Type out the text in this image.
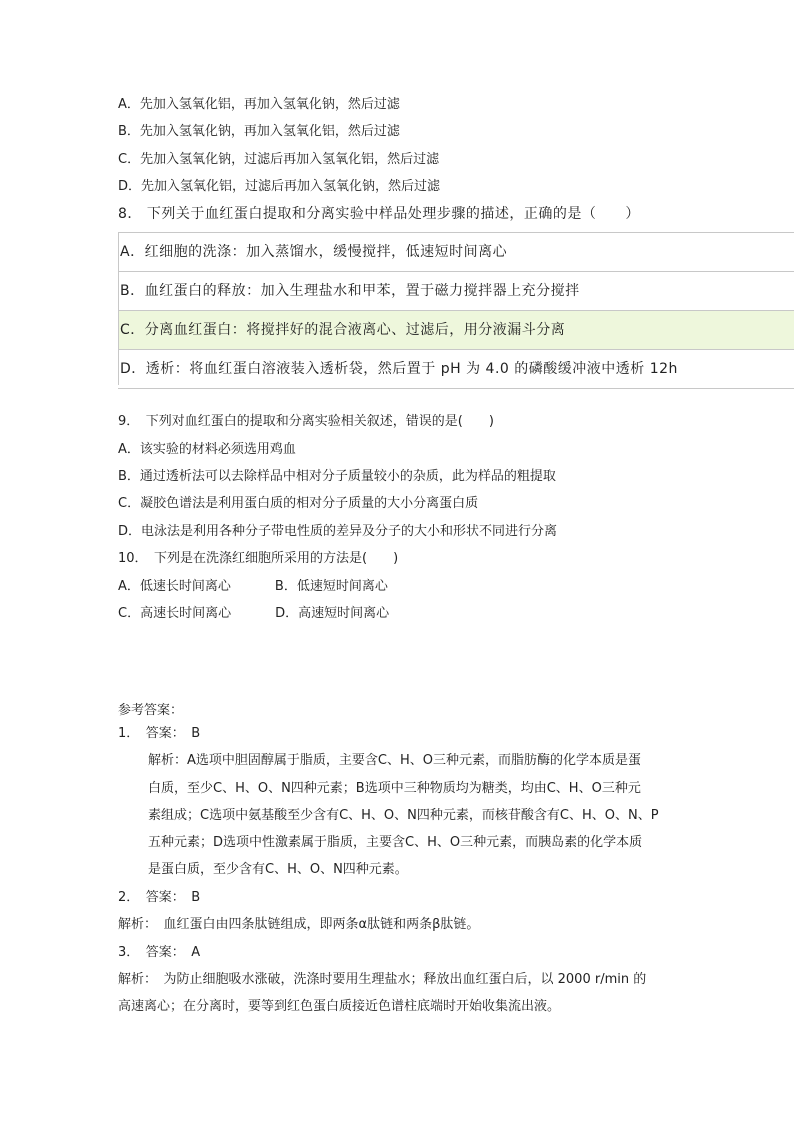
A．先加入氢氧化铝，再加入氢氧化钠，然后过滤
B．先加入氢氧化钠，再加入氢氧化铝，然后过滤
C．先加入氢氧化钠，过滤后再加入氢氧化铝，然后过滤
D．先加入氢氧化铝，过滤后再加入氢氧化钠，然后过滤
8． 下列关于血红蛋白提取和分离实验中样品处理步骤的描述，正确的是（　　）
A．红细胞的洗涤：加入蒸馏水，缓慢搅拌，低速短时间离心
B．血红蛋白的释放：加入生理盐水和甲苯，置于磁力搅拌器上充分搅拌
C．分离血红蛋白：将搅拌好的混合液离心、过滤后，用分液漏斗分离
D．透析：将血红蛋白溶液装入透析袋，然后置于 pH 为 4.0 的磷酸缓冲液中透析 12h
9．　下列对血红蛋白的提取和分离实验相关叙述，错误的是(　　)
A．该实验的材料必须选用鸡血
B．通过透析法可以去除样品中相对分子质量较小的杂质，此为样品的粗提取
C．凝胶色谱法是利用蛋白质的相对分子质量的大小分离蛋白质
D．电泳法是利用各种分子带电性质的差异及分子的大小和形状不同进行分离
10．　下列是在洗涤红细胞所采用的方法是(　　)
A．低速长时间离心	B．低速短时间离心
C．高速长时间离心	D．高速短时间离心
参考答案：
1．　答案：　B
解析：A选项中胆固醇属于脂质，主要含C、H、O三种元素，而脂肪酶的化学本质是蛋
白质，至少C、H、O、N四种元素；B选项中三种物质均为糖类，均由C、H、O三种元
素组成；C选项中氨基酸至少含有C、H、O、N四种元素，而核苷酸含有C、H、O、N、P
五种元素；D选项中性激素属于脂质，主要含C、H、O三种元素，而胰岛素的化学本质
是蛋白质，至少含有C、H、O、N四种元素。
2．　答案：　B
解析：　血红蛋白由四条肽链组成，即两条α肽链和两条β肽链。
3．　答案：　A
解析：　为防止细胞吸水涨破，洗涤时要用生理盐水；释放出血红蛋白后，以 2000 r/min 的
高速离心；在分离时，要等到红色蛋白质接近色谱柱底端时开始收集流出液。
